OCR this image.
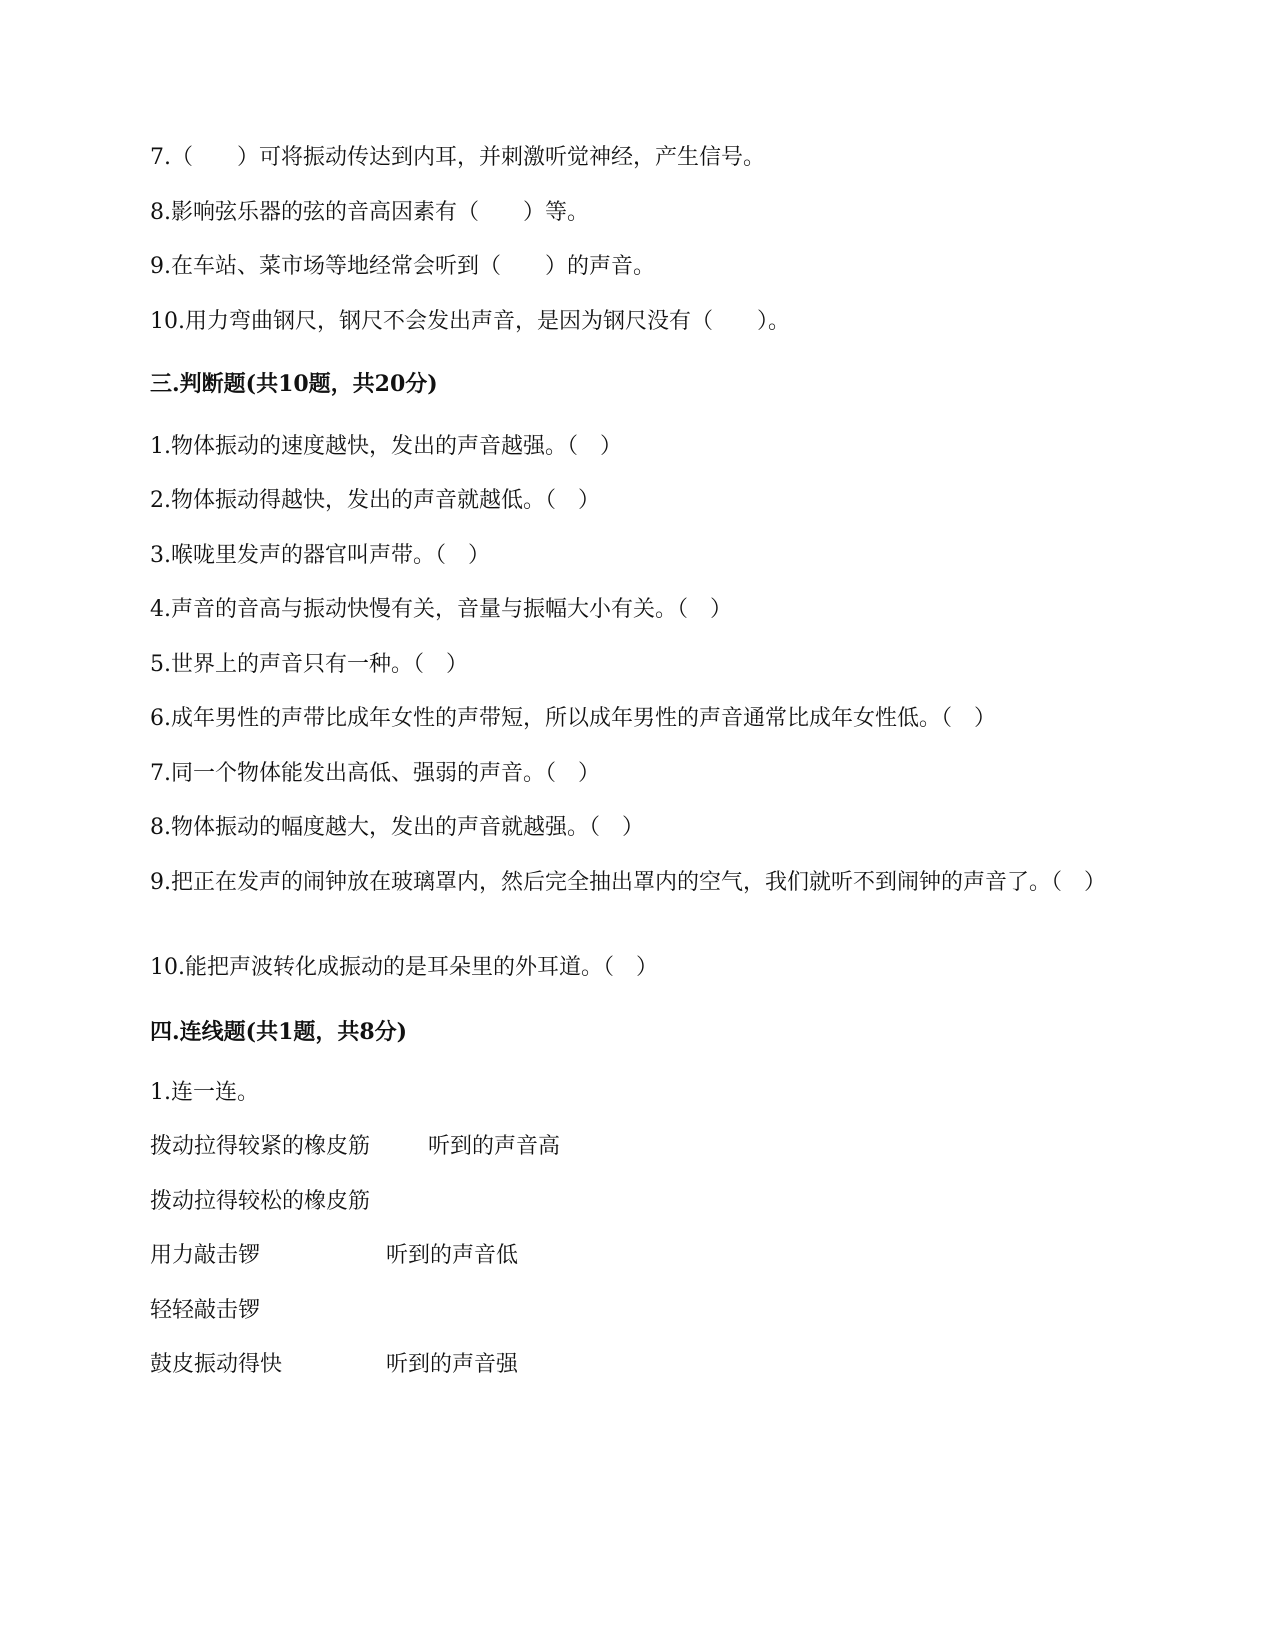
7.（　　）可将振动传达到内耳，并刺激听觉神经，产生信号。
8.影响弦乐器的弦的音高因素有（　　）等。
9.在车站、菜市场等地经常会听到（　　）的声音。
10.用力弯曲钢尺，钢尺不会发出声音，是因为钢尺没有（　　）。
三.判断题(共10题，共20分)
1.物体振动的速度越快，发出的声音越强。（　）
2.物体振动得越快，发出的声音就越低。（　）
3.喉咙里发声的器官叫声带。（　）
4.声音的音高与振动快慢有关，音量与振幅大小有关。（　）
5.世界上的声音只有一种。（　）
6.成年男性的声带比成年女性的声带短，所以成年男性的声音通常比成年女性低。（　）
7.同一个物体能发出高低、强弱的声音。（　）
8.物体振动的幅度越大，发出的声音就越强。（　）
9.把正在发声的闹钟放在玻璃罩内，然后完全抽出罩内的空气，我们就听不到闹钟的声音了。（　）
10.能把声波转化成振动的是耳朵里的外耳道。（　）
四.连线题(共1题，共8分)
1.连一连。
拨动拉得较紧的橡皮筋	听到的声音高
拨动拉得较松的橡皮筋
用力敲击锣	听到的声音低
轻轻敲击锣
鼓皮振动得快	听到的声音强
